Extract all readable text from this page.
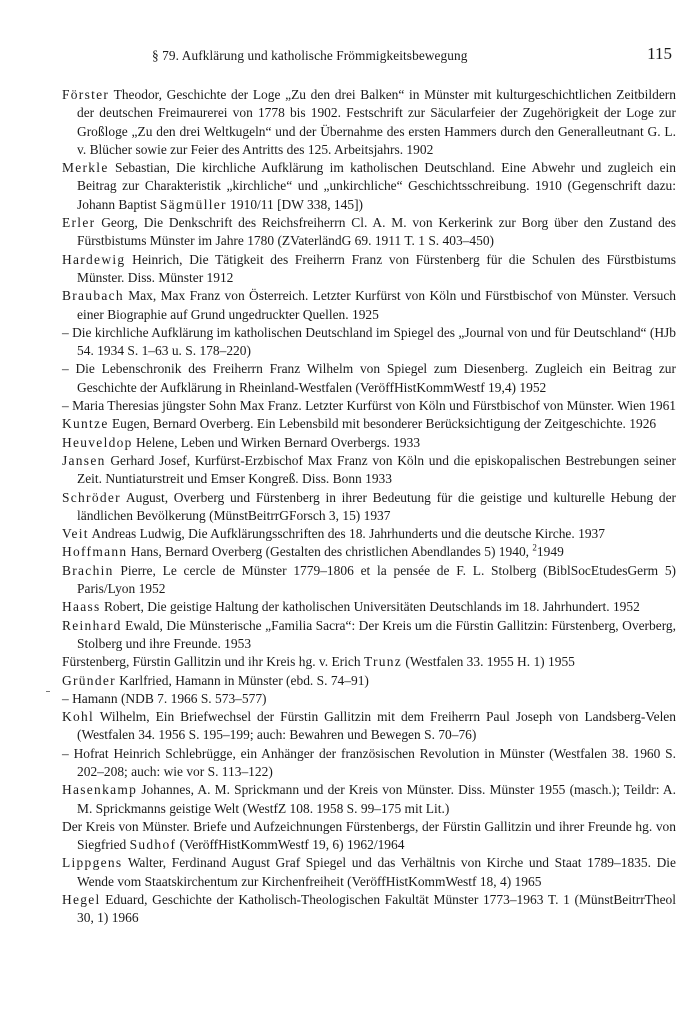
§ 79. Aufklärung und katholische Frömmigkeitsbewegung	115
Förster Theodor, Geschichte der Loge „Zu den drei Balken“ in Münster mit kulturgeschichtlichen Zeitbildern der deutschen Freimaurerei von 1778 bis 1902. Festschrift zur Säcularfeier der Zugehörigkeit der Loge zur Großloge „Zu den drei Weltkugeln“ und der Übernahme des ersten Hammers durch den Generalleutnant G. L. v. Blücher sowie zur Feier des Antritts des 125. Arbeitsjahrs. 1902
Merkle Sebastian, Die kirchliche Aufklärung im katholischen Deutschland. Eine Abwehr und zugleich ein Beitrag zur Charakteristik „kirchliche“ und „unkirchliche“ Geschichtsschreibung. 1910 (Gegenschrift dazu: Johann Baptist Sägmüller 1910/11 [DW 338, 145])
Erler Georg, Die Denkschrift des Reichsfreiherrn Cl. A. M. von Kerkerink zur Borg über den Zustand des Fürstbistums Münster im Jahre 1780 (ZVaterländG 69. 1911 T. 1 S. 403–450)
Hardewig Heinrich, Die Tätigkeit des Freiherrn Franz von Fürstenberg für die Schulen des Fürstbistums Münster. Diss. Münster 1912
Braubach Max, Max Franz von Österreich. Letzter Kurfürst von Köln und Fürstbischof von Münster. Versuch einer Biographie auf Grund ungedruckter Quellen. 1925
– Die kirchliche Aufklärung im katholischen Deutschland im Spiegel des „Journal von und für Deutschland“ (HJb 54. 1934 S. 1–63 u. S. 178–220)
– Die Lebenschronik des Freiherrn Franz Wilhelm von Spiegel zum Diesenberg. Zugleich ein Beitrag zur Geschichte der Aufklärung in Rheinland-Westfalen (VeröffHistKommWestf 19,4) 1952
– Maria Theresias jüngster Sohn Max Franz. Letzter Kurfürst von Köln und Fürstbischof von Münster. Wien 1961
Kuntze Eugen, Bernard Overberg. Ein Lebensbild mit besonderer Berücksichtigung der Zeitgeschichte. 1926
Heuveldop Helene, Leben und Wirken Bernard Overbergs. 1933
Jansen Gerhard Josef, Kurfürst-Erzbischof Max Franz von Köln und die episkopalischen Bestrebungen seiner Zeit. Nuntiaturstreit und Emser Kongreß. Diss. Bonn 1933
Schröder August, Overberg und Fürstenberg in ihrer Bedeutung für die geistige und kulturelle Hebung der ländlichen Bevölkerung (MünstBeitrrGForsch 3, 15) 1937
Veit Andreas Ludwig, Die Aufklärungsschriften des 18. Jahrhunderts und die deutsche Kirche. 1937
Hoffmann Hans, Bernard Overberg (Gestalten des christlichen Abendlandes 5) 1940, $^2$1949
Brachin Pierre, Le cercle de Münster 1779–1806 et la pensée de F. L. Stolberg (BiblSocEtudesGerm 5) Paris/Lyon 1952
Haass Robert, Die geistige Haltung der katholischen Universitäten Deutschlands im 18. Jahrhundert. 1952
Reinhard Ewald, Die Münsterische „Familia Sacra“: Der Kreis um die Fürstin Gallitzin: Fürstenberg, Overberg, Stolberg und ihre Freunde. 1953
Fürstenberg, Fürstin Gallitzin und ihr Kreis hg. v. Erich Trunz (Westfalen 33. 1955 H. 1) 1955
Gründer Karlfried, Hamann in Münster (ebd. S. 74–91)
– Hamann (NDB 7. 1966 S. 573–577)
Kohl Wilhelm, Ein Briefwechsel der Fürstin Gallitzin mit dem Freiherrn Paul Joseph von Landsberg-Velen (Westfalen 34. 1956 S. 195–199; auch: Bewahren und Bewegen S. 70–76)
– Hofrat Heinrich Schlebrügge, ein Anhänger der französischen Revolution in Münster (Westfalen 38. 1960 S. 202–208; auch: wie vor S. 113–122)
Hasenkamp Johannes, A. M. Sprickmann und der Kreis von Münster. Diss. Münster 1955 (masch.); Teildr: A. M. Sprickmanns geistige Welt (WestfZ 108. 1958 S. 99–175 mit Lit.)
Der Kreis von Münster. Briefe und Aufzeichnungen Fürstenbergs, der Fürstin Gallitzin und ihrer Freunde hg. von Siegfried Sudhof (VeröffHistKommWestf 19, 6) 1962/1964
Lippgens Walter, Ferdinand August Graf Spiegel und das Verhältnis von Kirche und Staat 1789–1835. Die Wende vom Staatskirchentum zur Kirchenfreiheit (VeröffHistKommWestf 18, 4) 1965
Hegel Eduard, Geschichte der Katholisch-Theologischen Fakultät Münster 1773–1963 T. 1 (MünstBeitrrTheol 30, 1) 1966
